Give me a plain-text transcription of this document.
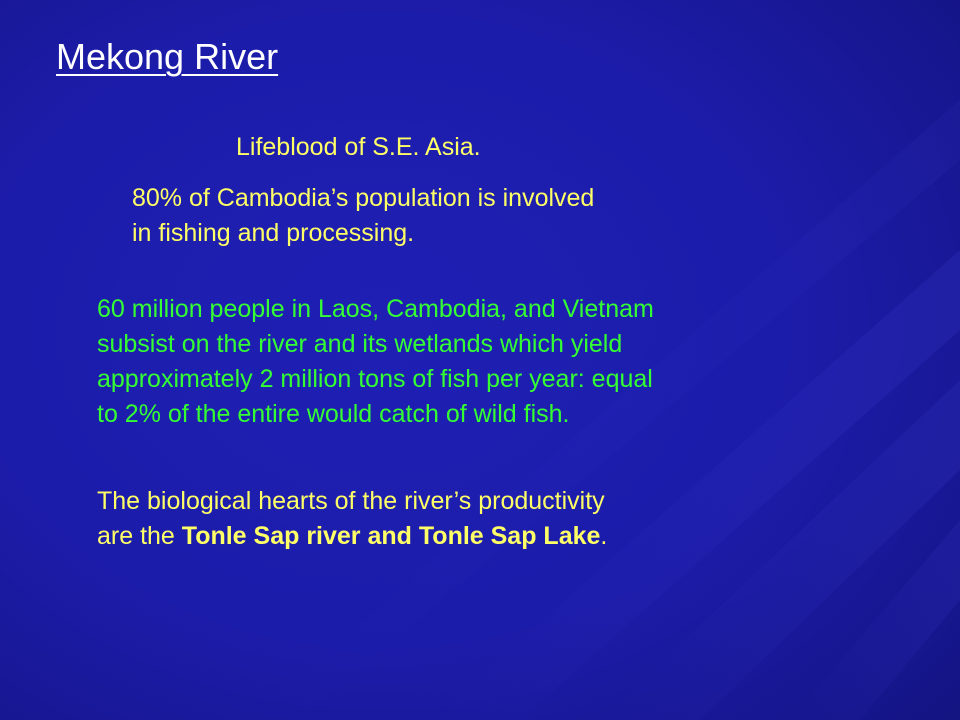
Mekong River

Lifeblood of S.E. Asia.

80% of Cambodia’s population is involved
in fishing and processing.
60 million people in Laos, Cambodia, and Vietnam
subsist on the river and its wetlands which yield
approximately 2 million tons of fish per year: equal
to 2% of the entire would catch of wild fish.
The biological hearts of the river’s productivity
are the Tonle Sap river and Tonle Sap Lake.
